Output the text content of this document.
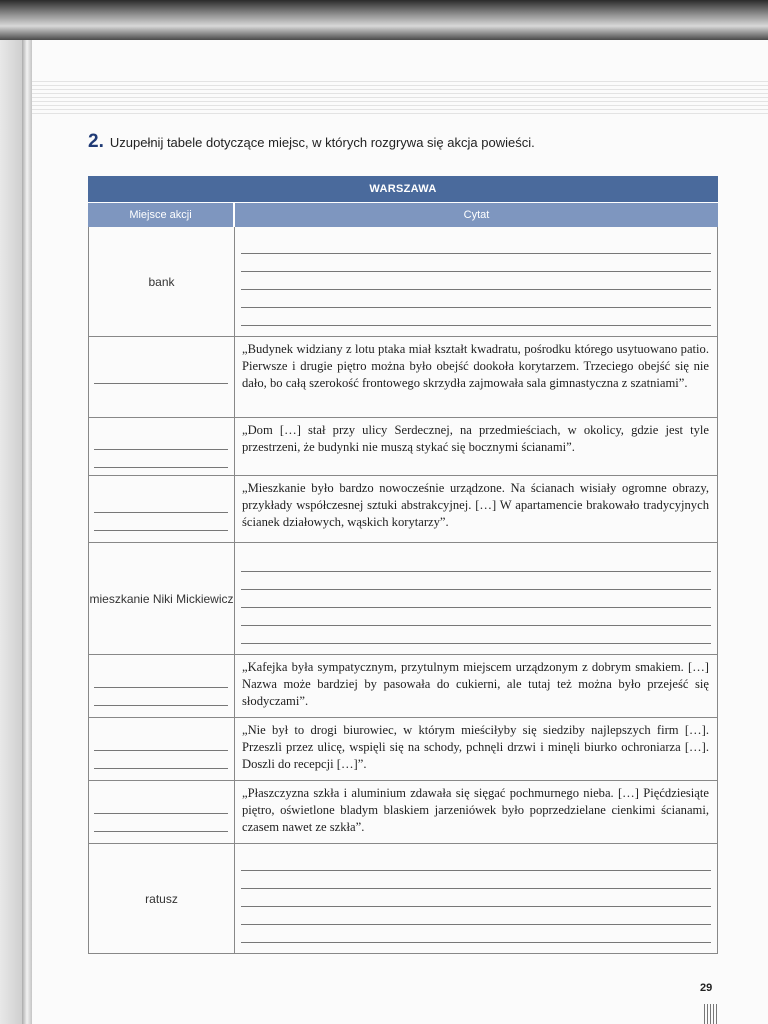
2. Uzupełnij tabele dotyczące miejsc, w których rozgrywa się akcja powieści.
WARSZAWA
Miejsce akcji	Cytat
bank
„Budynek widziany z lotu ptaka miał kształt kwadratu, pośrodku którego usytuowano patio. Pierwsze i drugie piętro można było obejść dookoła korytarzem. Trzeciego obejść się nie dało, bo całą szerokość frontowego skrzydła zajmowała sala gimnastyczna z szatniami”.
„Dom […] stał przy ulicy Serdecznej, na przedmieściach, w okolicy, gdzie jest tyle przestrzeni, że budynki nie muszą stykać się bocznymi ścianami”.
„Mieszkanie było bardzo nowocześnie urządzone. Na ścianach wisiały ogromne obrazy, przykłady współczesnej sztuki abstrakcyjnej. […] W apartamencie brakowało tradycyjnych ścianek działowych, wąskich korytarzy”.
mieszkanie Niki Mickiewicz
„Kafejka była sympatycznym, przytulnym miejscem urządzonym z dobrym smakiem. […] Nazwa może bardziej by pasowała do cukierni, ale tutaj też można było przejeść się słodyczami”.
„Nie był to drogi biurowiec, w którym mieściłyby się siedziby najlepszych firm […]. Przeszli przez ulicę, wspięli się na schody, pchnęli drzwi i minęli biurko ochroniarza […]. Doszli do recepcji […]”.
„Płaszczyzna szkła i aluminium zdawała się sięgać pochmurnego nieba. […] Pięćdziesiąte piętro, oświetlone bladym blaskiem jarzeniówek było poprzedzielane cienkimi ścianami, czasem nawet ze szkła”.
ratusz
29
